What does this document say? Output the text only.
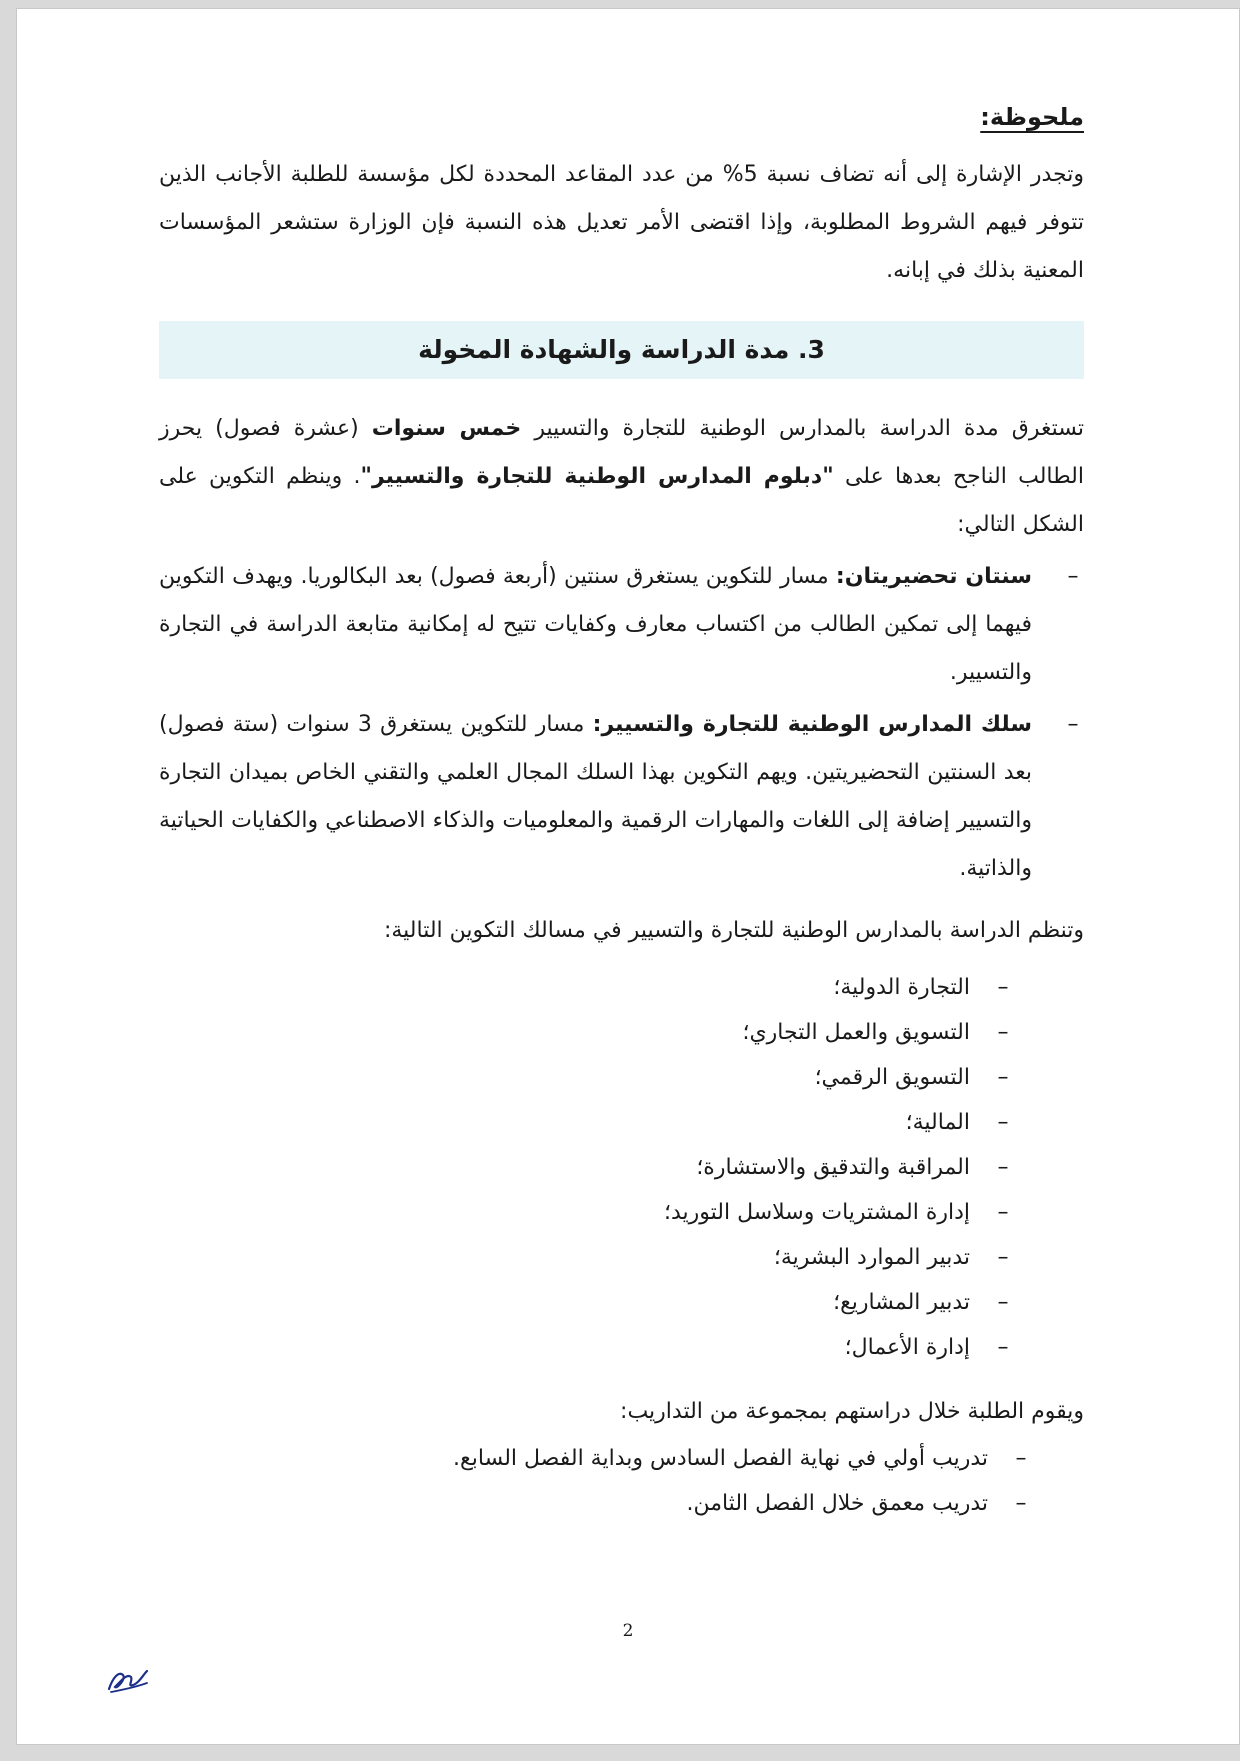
ملحوظة:

وتجدر الإشارة إلى أنه تضاف نسبة 5% من عدد المقاعد المحددة لكل مؤسسة للطلبة الأجانب الذين تتوفر فيهم الشروط المطلوبة، وإذا اقتضى الأمر تعديل هذه النسبة فإن الوزارة ستشعر المؤسسات المعنية بذلك في إبانه.

3. مدة الدراسة والشهادة المخولة

تستغرق مدة الدراسة بالمدارس الوطنية للتجارة والتسيير خمس سنوات (عشرة فصول) يحرز الطالب الناجح بعدها على "دبلوم المدارس الوطنية للتجارة والتسيير". وينظم التكوين على الشكل التالي:

–
سنتان تحضيريتان: مسار للتكوين يستغرق سنتين (أربعة فصول) بعد البكالوريا. ويهدف التكوين فيهما إلى تمكين الطالب من اكتساب معارف وكفايات تتيح له إمكانية متابعة الدراسة في التجارة والتسيير.
–
سلك المدارس الوطنية للتجارة والتسيير: مسار للتكوين يستغرق 3 سنوات (ستة فصول) بعد السنتين التحضيريتين. ويهم التكوين بهذا السلك المجال العلمي والتقني الخاص بميدان التجارة والتسيير إضافة إلى اللغات والمهارات الرقمية والمعلوميات والذكاء الاصطناعي والكفايات الحياتية والذاتية.

وتنظم الدراسة بالمدارس الوطنية للتجارة والتسيير في مسالك التكوين التالية:

–
التجارة الدولية؛
–
التسويق والعمل التجاري؛
–
التسويق الرقمي؛
–
المالية؛
–
المراقبة والتدقيق والاستشارة؛
–
إدارة المشتريات وسلاسل التوريد؛
–
تدبير الموارد البشرية؛
–
تدبير المشاريع؛
–
إدارة الأعمال؛

ويقوم الطلبة خلال دراستهم بمجموعة من التداريب:

–
تدريب أولي في نهاية الفصل السادس وبداية الفصل السابع.
–
تدريب معمق خلال الفصل الثامن.
2
